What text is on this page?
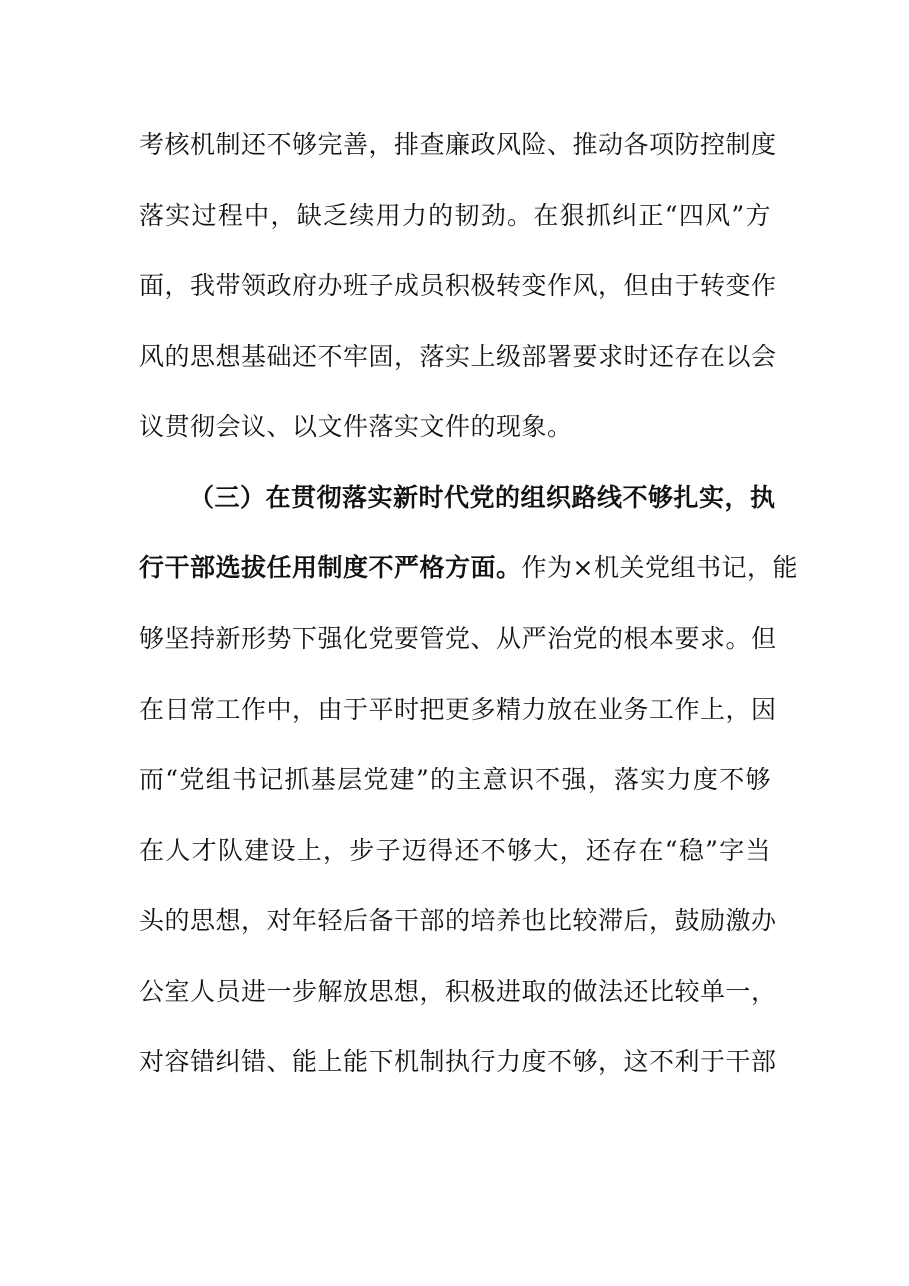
考核机制还不够完善，排查廉政风险、推动各项防控制度
落实过程中，缺乏续用力的韧劲。在狠抓纠正“四风”方
面，我带领政府办班子成员积极转变作风，但由于转变作
风的思想基础还不牢固，落实上级部署要求时还存在以会
议贯彻会议、以文件落实文件的现象。
（三）在贯彻落实新时代党的组织路线不够扎实，执
行干部选拔任用制度不严格方面。作为×机关党组书记，能
够坚持新形势下强化党要管党、从严治党的根本要求。但
在日常工作中，由于平时把更多精力放在业务工作上，因
而“党组书记抓基层党建”的主意识不强，落实力度不够
在人才队建设上，步子迈得还不够大，还存在“稳”字当
头的思想，对年轻后备干部的培养也比较滞后，鼓励激办
公室人员进一步解放思想，积极进取的做法还比较单一，
对容错纠错、能上能下机制执行力度不够，这不利于干部
